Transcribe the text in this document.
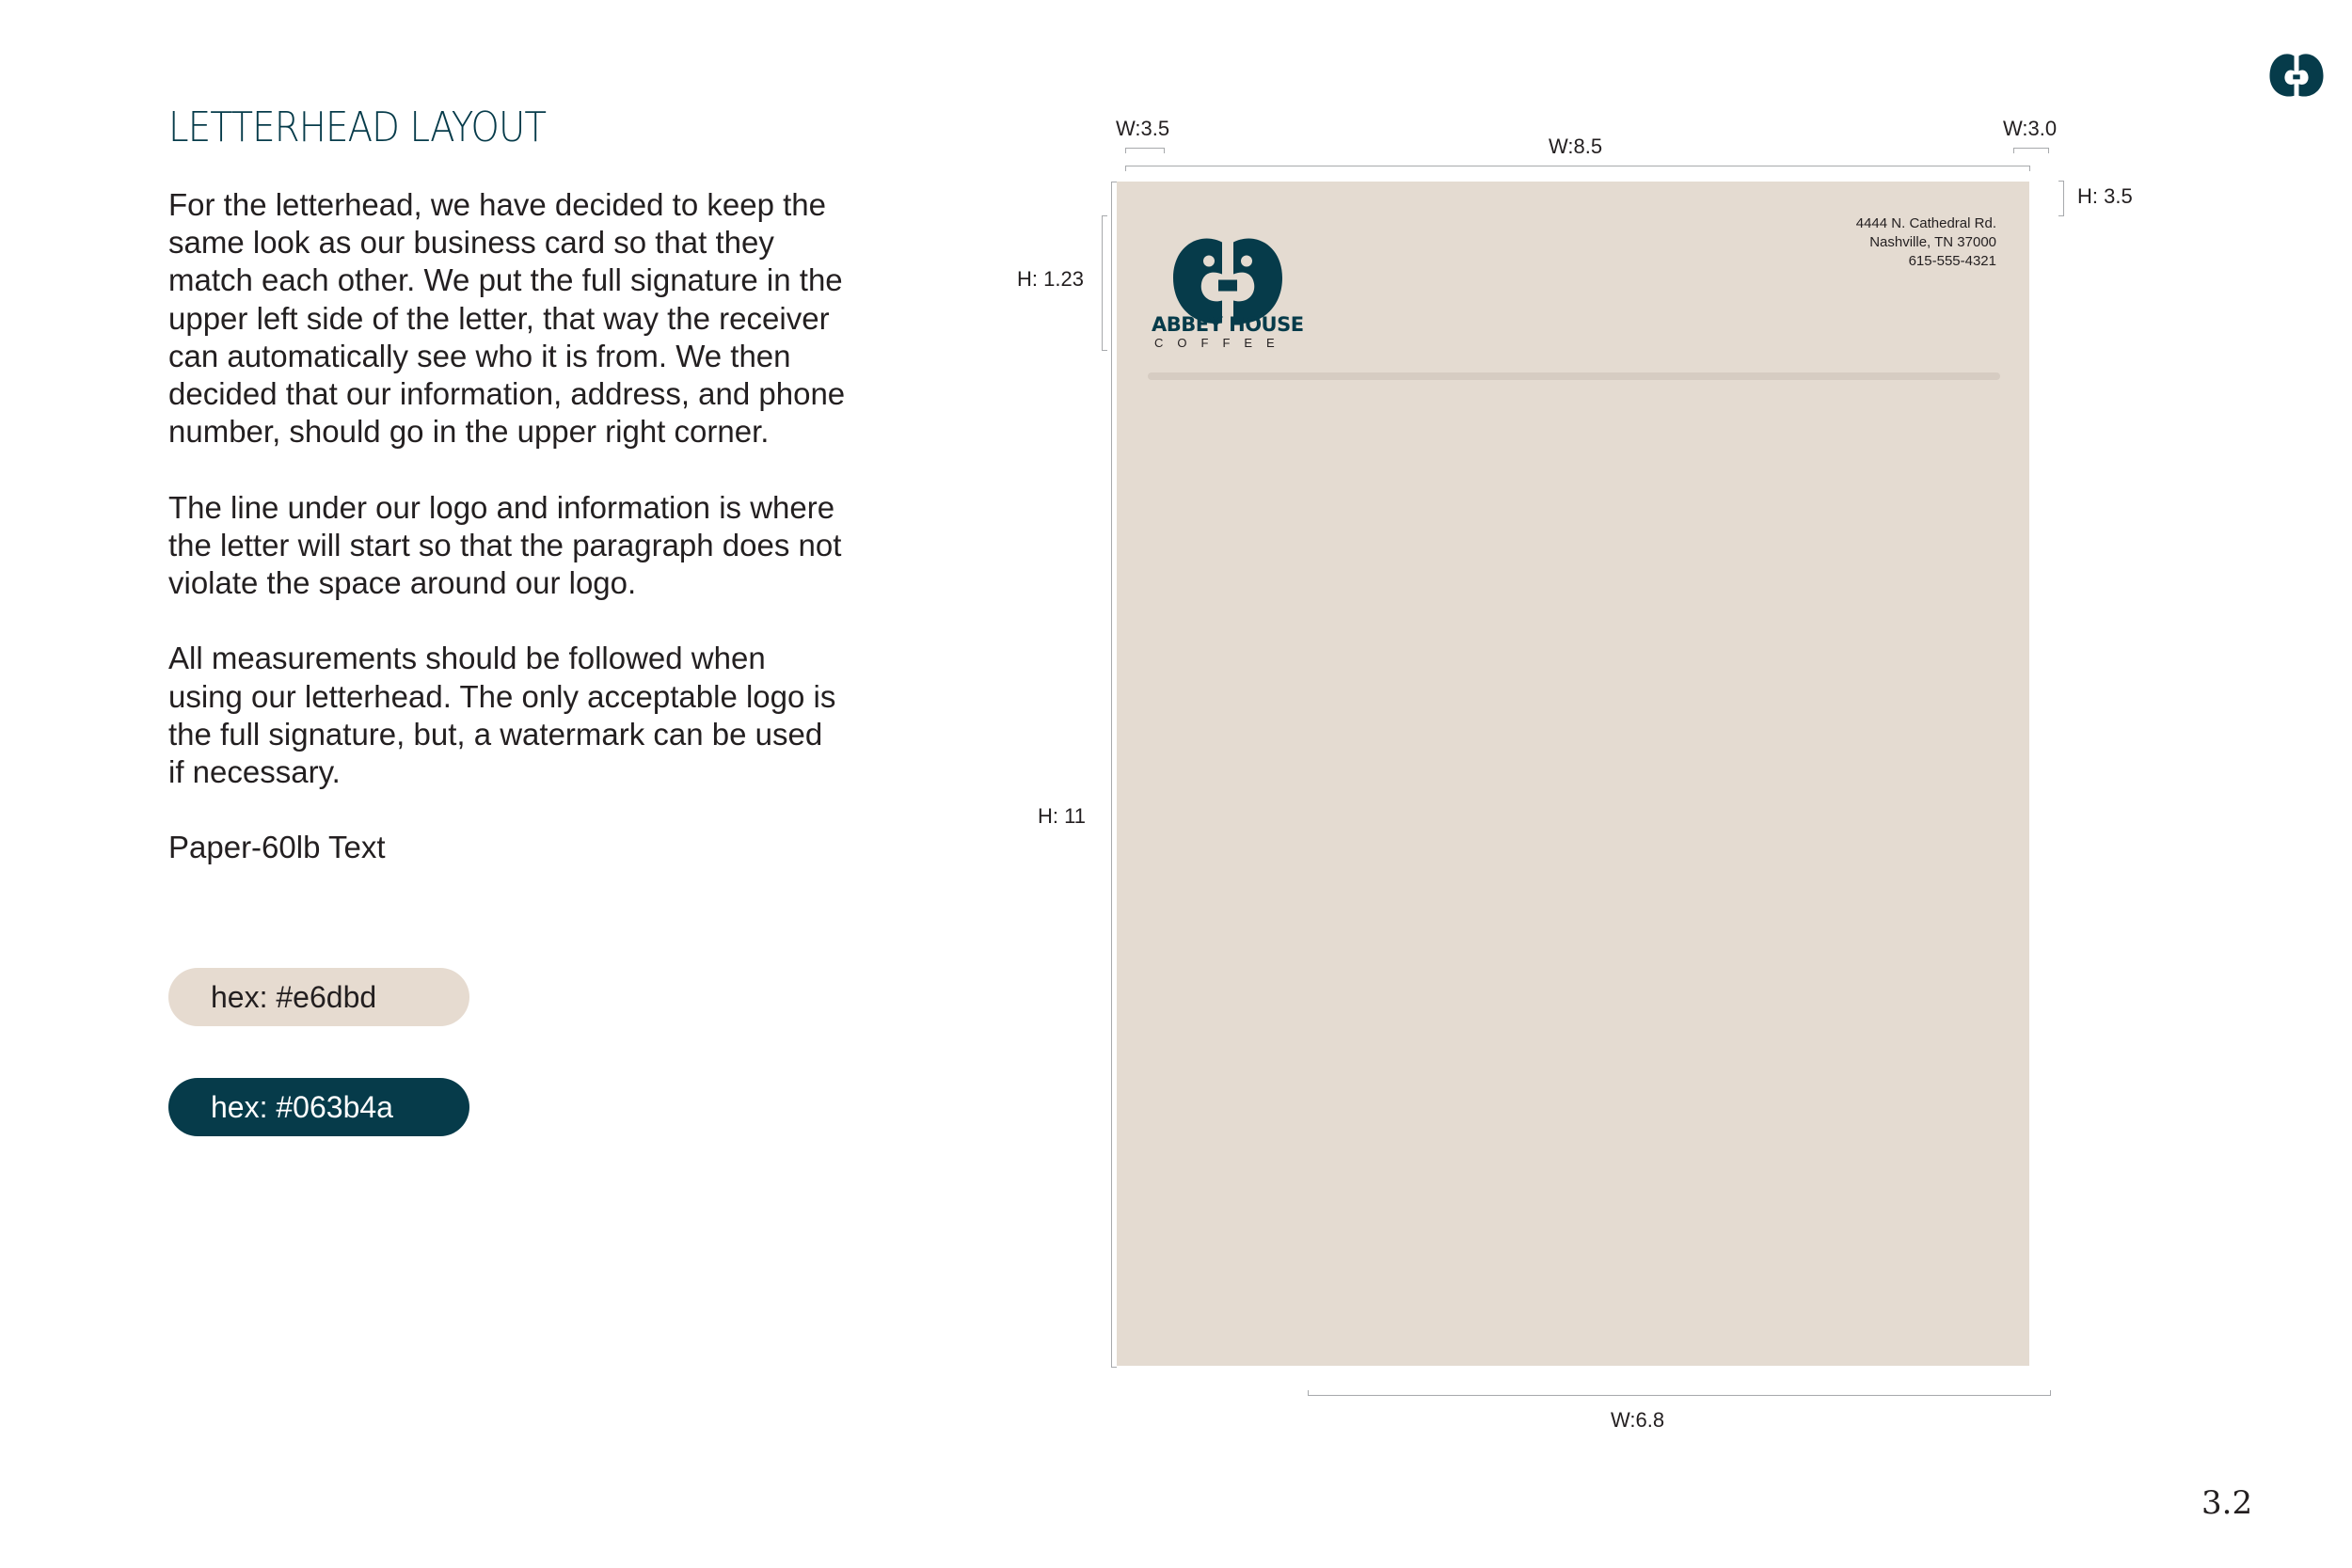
LETTERHEAD LAYOUT

For the letterhead, we have decided to keep the same look as our business card so that they match each other. We put the full signature in the upper left side of the letter, that way the receiver can automatically see who it is from. We then decided that our information, address, and phone number, should go in the upper right corner.

The line under our logo and information is where the letter will start so that the paragraph does not violate the space around our logo.

All measurements should be followed when using our letterhead. The only acceptable logo is the full signature, but, a watermark can be used if necessary.

Paper-60lb Text

hex: #e6dbd
hex: #063b4a
W:3.5
W:8.5
W:3.0
H: 3.5
H: 1.23
H: 11
W:6.8
ABBEY HOUSE
COFFEE
4444 N. Cathedral Rd.
Nashville, TN 37000
615-555-4321
3.2
